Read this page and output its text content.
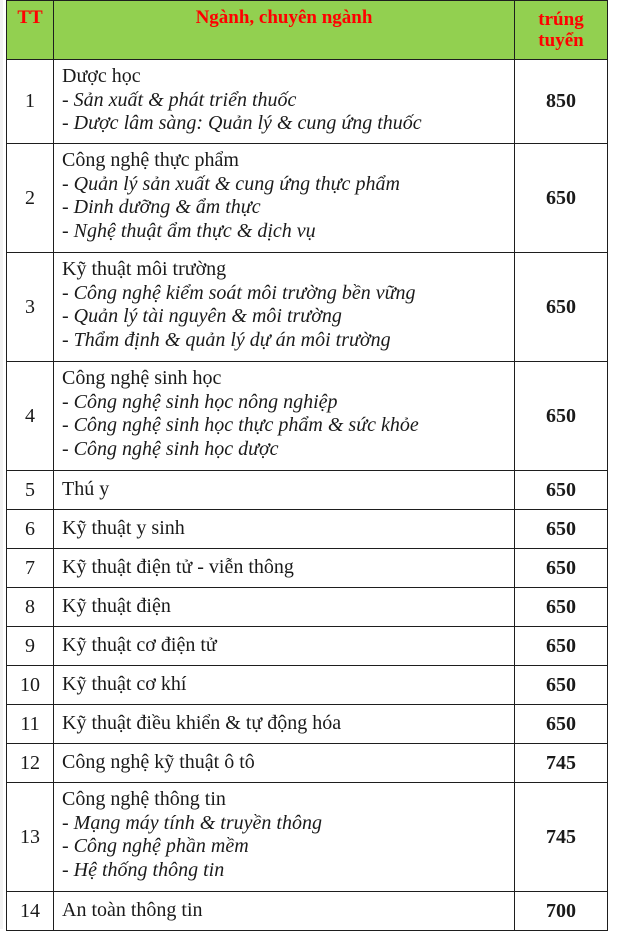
TT	Ngành, chuyên ngành	trúng
tuyển

1	Dược học
- Sản xuất & phát triển thuốc
- Dược lâm sàng: Quản lý & cung ứng thuốc	850
2	Công nghệ thực phẩm
- Quản lý sản xuất & cung ứng thực phẩm
- Dinh dưỡng & ẩm thực
- Nghệ thuật ẩm thực & dịch vụ	650
3	Kỹ thuật môi trường
- Công nghệ kiểm soát môi trường bền vững
- Quản lý tài nguyên & môi trường
- Thẩm định & quản lý dự án môi trường	650
4	Công nghệ sinh học
- Công nghệ sinh học nông nghiệp
- Công nghệ sinh học thực phẩm & sức khỏe
- Công nghệ sinh học dược	650
5	Thú y	650
6	Kỹ thuật y sinh	650
7	Kỹ thuật điện tử - viễn thông	650
8	Kỹ thuật điện	650
9	Kỹ thuật cơ điện tử	650
10	Kỹ thuật cơ khí	650
11	Kỹ thuật điều khiển & tự động hóa	650
12	Công nghệ kỹ thuật ô tô	745
13	Công nghệ thông tin
- Mạng máy tính & truyền thông
- Công nghệ phần mềm
- Hệ thống thông tin	745
14	An toàn thông tin	700
